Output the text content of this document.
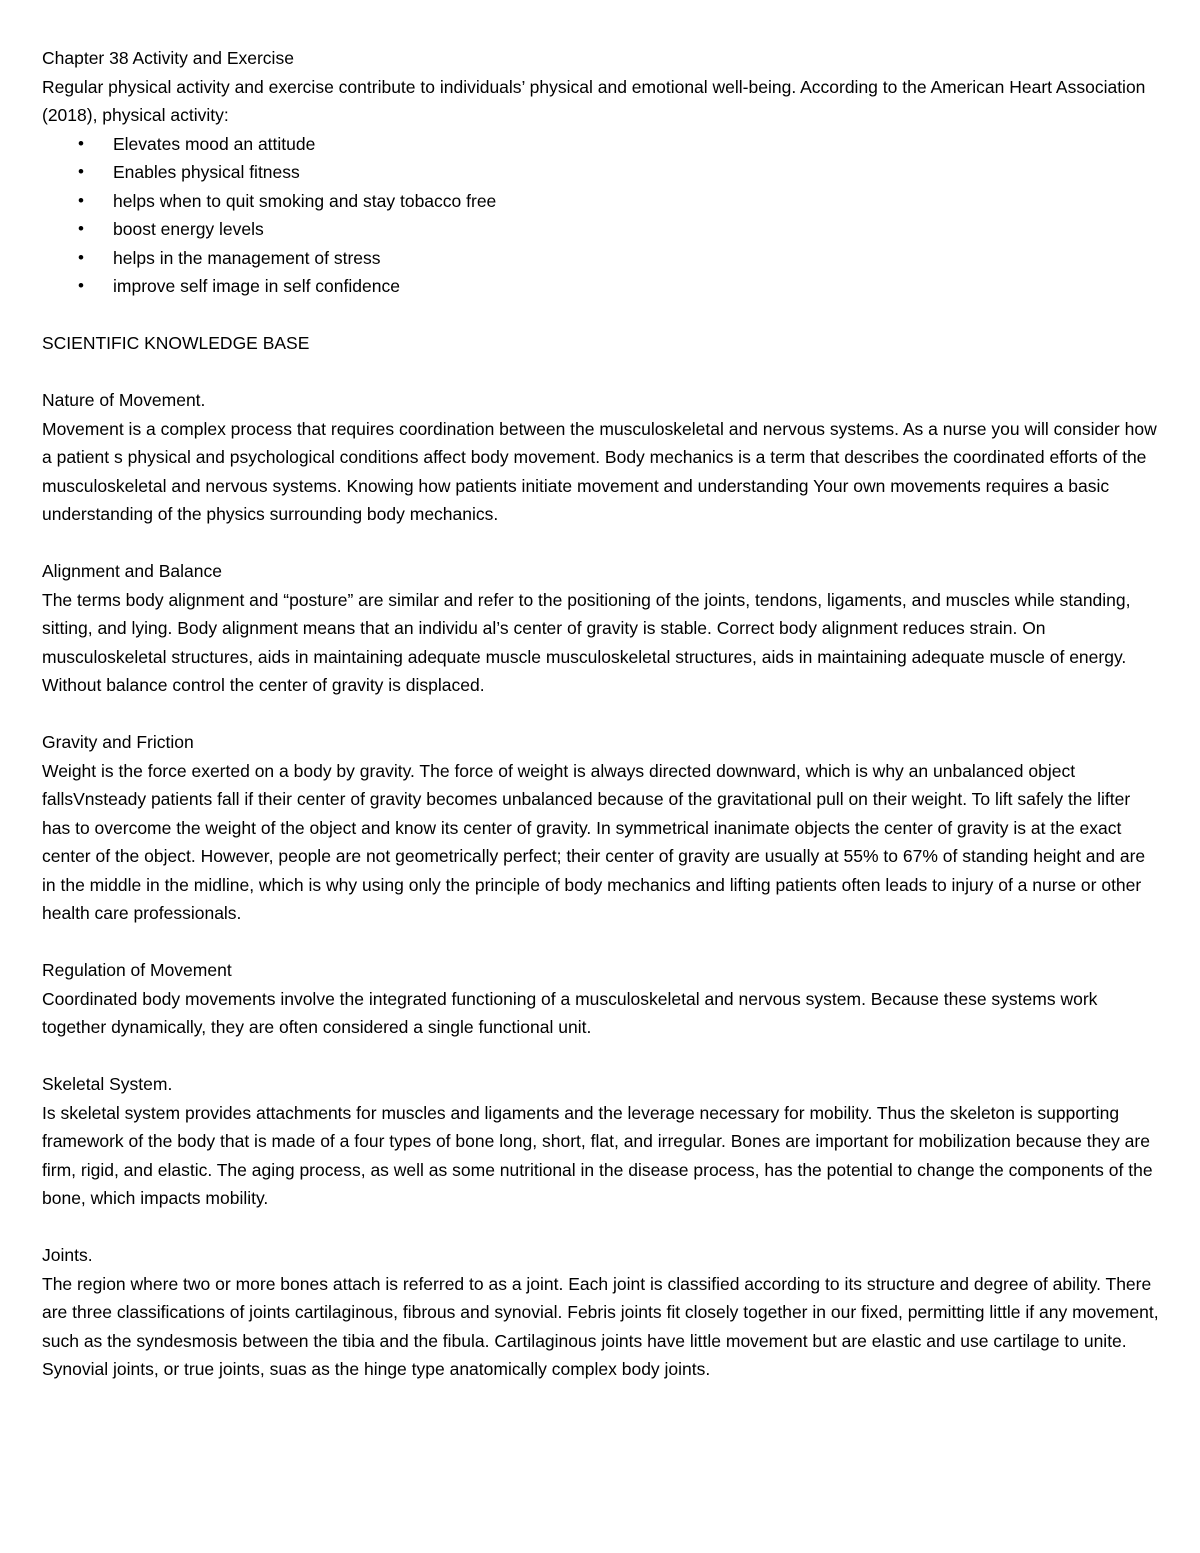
Chapter 38 Activity and Exercise

Regular physical activity and exercise contribute to individuals’ physical and emotional well-being. According to the American Heart Association (2018), physical activity:

• Elevates mood an attitude
• Enables physical fitness
• helps when to quit smoking and stay tobacco free
• boost energy levels
• helps in the management of stress
• improve self image in self confidence

SCIENTIFIC KNOWLEDGE BASE

Nature of Movement.

Movement is a complex process that requires coordination between the musculoskeletal and nervous systems. As a nurse you will consider how a patient s physical and psychological conditions affect body movement. Body mechanics is a term that describes the coordinated efforts of the musculoskeletal and nervous systems. Knowing how patients initiate movement and understanding Your own movements requires a basic understanding of the physics surrounding body mechanics.

Alignment and Balance

The terms body alignment and “posture” are similar and refer to the positioning of the joints, tendons, ligaments, and muscles while standing, sitting, and lying. Body alignment means that an individu al’s center of gravity is stable. Correct body alignment reduces strain. On musculoskeletal structures, aids in maintaining adequate muscle musculoskeletal structures, aids in maintaining adequate muscle of energy. Without balance control the center of gravity is displaced.

Gravity and Friction

Weight is the force exerted on a body by gravity. The force of weight is always directed downward, which is why an unbalanced object fallsVnsteady patients fall if their center of gravity becomes unbalanced because of the gravitational pull on their weight. To lift safely the lifter has to overcome the weight of the object and know its center of gravity. In symmetrical inanimate objects the center of gravity is at the exact center of the object. However, people are not geometrically perfect; their center of gravity are usually at 55% to 67% of standing height and are in the middle in the midline, which is why using only the principle of body mechanics and lifting patients often leads to injury of a nurse or other health care professionals.

Regulation of Movement

Coordinated body movements involve the integrated functioning of a musculoskeletal and nervous system. Because these systems work together dynamically, they are often considered a single functional unit.

Skeletal System.

Is skeletal system provides attachments for muscles and ligaments and the leverage necessary for mobility. Thus the skeleton is supporting framework of the body that is made of a four types of bone long, short, flat, and irregular. Bones are important for mobilization because they are firm, rigid, and elastic. The aging process, as well as some nutritional in the disease process, has the potential to change the components of the bone, which impacts mobility.

Joints.

The region where two or more bones attach is referred to as a joint. Each joint is classified according to its structure and degree of ability. There are three classifications of joints cartilaginous, fibrous and synovial. Febris joints fit closely together in our fixed, permitting little if any movement, such as the syndesmosis between the tibia and the fibula. Cartilaginous joints have little movement but are elastic and use cartilage to unite. Synovial joints, or true joints, suas as the hinge type anatomically complex body joints.
